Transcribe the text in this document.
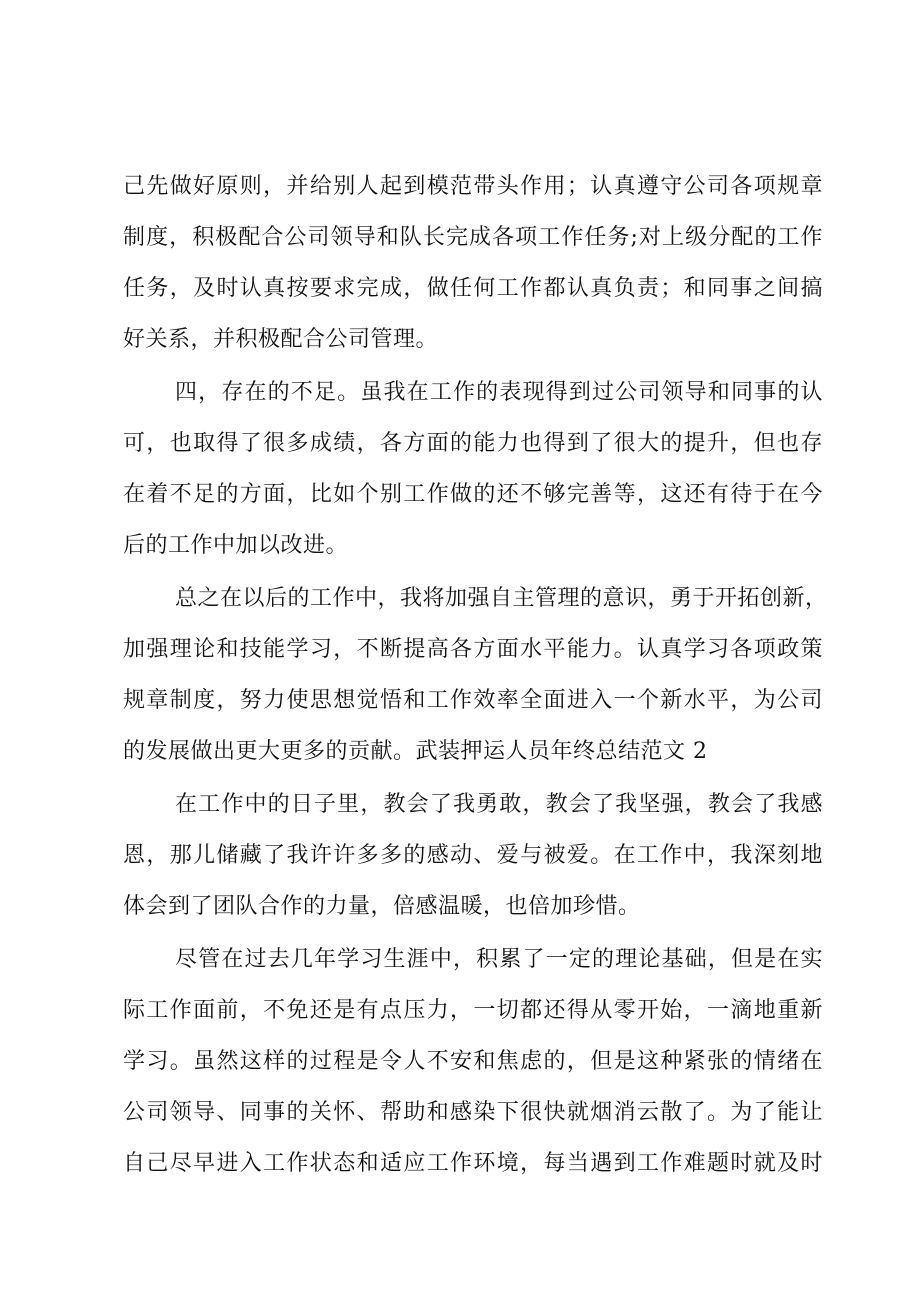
己先做好原则，并给别人起到模范带头作用；认真遵守公司各项规章
制度，积极配合公司领导和队长完成各项工作任务;对上级分配的工作
任务，及时认真按要求完成，做任何工作都认真负责；和同事之间搞
好关系，并积极配合公司管理。
四，存在的不足。虽我在工作的表现得到过公司领导和同事的认
可，也取得了很多成绩，各方面的能力也得到了很大的提升，但也存
在着不足的方面，比如个别工作做的还不够完善等，这还有待于在今
后的工作中加以改进。
总之在以后的工作中，我将加强自主管理的意识，勇于开拓创新，
加强理论和技能学习，不断提高各方面水平能力。认真学习各项政策
规章制度，努力使思想觉悟和工作效率全面进入一个新水平，为公司
的发展做出更大更多的贡献。武装押运人员年终总结范文 2
在工作中的日子里，教会了我勇敢，教会了我坚强，教会了我感
恩，那儿储藏了我许许多多的感动、爱与被爱。在工作中，我深刻地
体会到了团队合作的力量，倍感温暖，也倍加珍惜。
尽管在过去几年学习生涯中，积累了一定的理论基础，但是在实
际工作面前，不免还是有点压力，一切都还得从零开始，一滴地重新
学习。虽然这样的过程是令人不安和焦虑的，但是这种紧张的情绪在
公司领导、同事的关怀、帮助和感染下很快就烟消云散了。为了能让
自己尽早进入工作状态和适应工作环境，每当遇到工作难题时就及时
